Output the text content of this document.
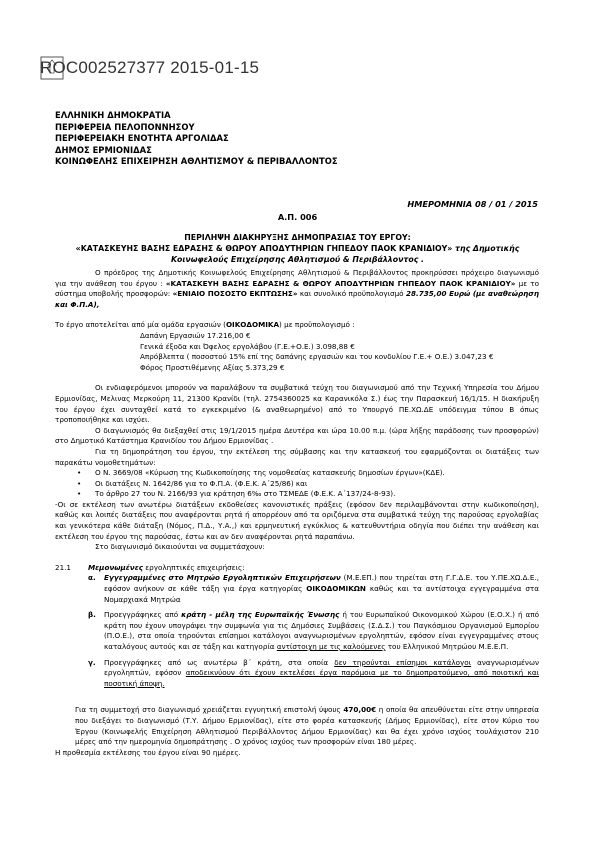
ROC002527377 2015-01-15
ΕΛΛΗΝΙΚΗ ΔΗΜΟΚΡΑΤΙΑ
ΠΕΡΙΦΕΡΕΙΑ ΠΕΛΟΠΟΝΝΗΣΟΥ
ΠΕΡΙΦΕΡΕΙΑΚΗ ΕΝΟΤΗΤΑ ΑΡΓΟΛΙΔΑΣ
ΔΗΜΟΣ ΕΡΜΙΟΝΙΔΑΣ
ΚΟΙΝΩΦΕΛΗΣ ΕΠΙΧΕΙΡΗΣΗ ΑΘΛΗΤΙΣΜΟΥ & ΠΕΡΙΒΑΛΛΟΝΤΟΣ
ΗΜΕΡΟΜΗΝΙΑ 08 / 01 / 2015
Α.Π. 006
ΠΕΡΙΛΗΨΗ ΔΙΑΚΗΡΥΞΗΣ ΔΗΜΟΠΡΑΣΙΑΣ ΤΟΥ ΕΡΓΟΥ:
«ΚΑΤΑΣΚΕΥΗΣ ΒΑΣΗΣ ΕΔΡΑΣΗΣ & ΘΩΡΟΥ ΑΠΟΔΥΤΗΡΙΩΝ ΓΗΠΕΔΟΥ ΠΑΟΚ ΚΡΑΝΙΔΙΟΥ» της Δημοτικής
Κοινωφελούς Επιχείρησης Αθλητισμού & Περιβάλλοντος .
Ο πρόεδρος της Δημοτικής Κοινωφελούς Επιχείρησης Αθλητισμού & Περιβάλλοντος προκηρύσσει πρόχειρο διαγωνισμό για την ανάθεση του έργου : «ΚΑΤΑΣΚΕΥΗ ΒΑΣΗΣ ΕΔΡΑΣΗΣ & ΘΩΡΟΥ ΑΠΟΔΥΤΗΡΙΩΝ ΓΗΠΕΔΟΥ ΠΑΟΚ ΚΡΑΝΙΔΙΟΥ» με το σύστημα υποβολής προσφορών: «ΕΝΙΑΙΟ ΠΟΣΟΣΤΟ ΕΚΠΤΩΣΗΣ» και συνολικό προϋπολογισμό 28.735,00 Ευρώ (με αναθεώρηση και Φ.Π.Α),
Το έργο αποτελείται από μία ομάδα εργασιών (ΟΙΚΟΔΟΜΙΚΑ) με προϋπολογισμό :
Δαπάνη Εργασιών 17.216,00 €
Γενικά έξοδα και Όφελος εργολάβου (Γ.Ε.+Ο.Ε.) 3.098,88 €
Απρόβλεπτα ( ποσοστού 15% επί της δαπάνης εργασιών και του κονδυλίου Γ.Ε.+ Ο.Ε.) 3.047,23 €
Φόρος Προστιθέμενης Αξίας 5.373,29 €
Οι ενδιαφερόμενοι μπορούν να παραλάβουν τα συμβατικά τεύχη του διαγωνισμού από την Τεχνική Υπηρεσία του Δήμου Ερμιονίδας, Μελινας Μερκούρη 11, 21300 Κρανίδι (τηλ. 2754360025 κα Καρανικόλα Σ.) έως την Παρασκευή 16/1/15. Η διακήρυξη του έργου έχει συνταχθεί κατά το εγκεκριμένο (& αναθεωρημένο) από το Υπουργό ΠΕ.ΧΩ.ΔΕ υπόδειγμα τύπου Β όπως τροποποιήθηκε και ισχύει.
Ο διαγωνισμός θα διεξαχθεί στις 19/1/2015 ημέρα Δευτέρα και ώρα 10.00 π.μ. (ώρα λήξης παράδοσης των προσφορών) στο Δημοτικό Κατάστημα Κρανιδίου του Δήμου Ερμιονίδας .
Για τη δημοπράτηση του έργου, την εκτέλεση της σύμβασης και την κατασκευή του εφαρμόζονται οι διατάξεις των παρακάτω νομοθετημάτων:
•	Ο Ν. 3669/08 «Κύρωση της Κωδικοποίησης της νομοθεσίας κατασκευής δημοσίων έργων»(ΚΔΕ).
•	Οι διατάξεις Ν. 1642/86 για το Φ.Π.Α. (Φ.Ε.Κ. Α΄25/86) και
•	Το άρθρο 27 του Ν. 2166/93 για κράτηση 6‰ στο ΤΣΜΕΔΕ (Φ.Ε.Κ. Α΄137/24-8-93).
-Οι σε εκτέλεση των ανωτέρω διατάξεων εκδοθείσες κανονιστικές πράξεις (εφόσον δεν περιλαμβάνονται στην κωδικοποίηση), καθώς και λοιπές διατάξεις που αναφέρονται ρητά ή απορρέουν από τα οριζόμενα στα συμβατικά τεύχη της παρούσας εργολαβίας και γενικότερα κάθε διάταξη (Νόμος, Π.Δ., Υ.Α.,) και ερμηνευτική εγκύκλιος & κατευθυντήρια οδηγία που διέπει την ανάθεση και εκτέλεση του έργου της παρούσας, έστω και αν δεν αναφέρονται ρητά παραπάνω.
Στο διαγωνισμό δικαιούνται να συμμετάσχουν:
21.1	Μεμονωμένες εργοληπτικές επιχειρήσεις:
α.	Εγγεγραμμένες στο Μητρώο Εργοληπτικών Επιχειρήσεων (Μ.Ε.ΕΠ.) που τηρείται στη Γ.Γ.Δ.Ε. του Υ.ΠΕ.ΧΩ.Δ.Ε., εφόσον ανήκουν σε κάθε τάξη για έργα κατηγορίας ΟΙΚΟΔΟΜΙΚΩΝ καθώς και τα αντίστοιχα εγγεγραμμένα στα Νομαρχιακά Μητρώα
β.	Προεγγράφηκες από κράτη - μέλη της Ευρωπαϊκής Ένωσης ή του Ευρωπαϊκού Οικονομικού Χώρου (Ε.Ο.Χ.) ή από κράτη που έχουν υπογράψει την συμφωνία για τις Δημόσιες Συμβάσεις (Σ.Δ.Σ.) του Παγκόσμιου Οργανισμού Εμπορίου (Π.Ο.Ε.), στα οποία τηρούνται επίσημοι κατάλογοι αναγνωρισμένων εργοληπτών, εφόσον είναι εγγεγραμμένες στους καταλόγους αυτούς και σε τάξη και κατηγορία αντίστοιχη με τις καλούμενες του Ελληνικού Μητρώου Μ.Ε.Ε.Π.
γ.	Προεγγράφηκες από ως ανωτέρω β΄ κράτη, στα οποία δεν τηρούνται επίσημοι κατάλογοι αναγνωρισμένων εργοληπτών, εφόσον αποδεικνύουν ότι έχουν εκτελέσει έργα παρόμοια με το δημοπρατούμενο, από ποιοτική και ποσοτική άποψη.
Για τη συμμετοχή στο διαγωνισμό χρειάζεται εγγυητική επιστολή ύψους 470,00€ η οποία θα απευθύνεται είτε στην υπηρεσία που διεξάγει το διαγωνισμό (Τ.Υ. Δήμου Ερμιονίδας), είτε στο φορέα κατασκευής (Δήμος Ερμιονίδας), είτε στον Κύριο του Έργου (Κοινωφελής Επιχείρηση Αθλητισμού Περιβάλλοντος Δήμου Ερμιονίδας) και θα έχει χρόνο ισχύος τουλάχιστον 210 μέρες από την ημερομηνία δημοπράτησης . Ο χρόνος ισχύος των προσφορών είναι 180 μέρες.
Η προθεσμία εκτέλεσης του έργου είναι 90 ημέρες.
